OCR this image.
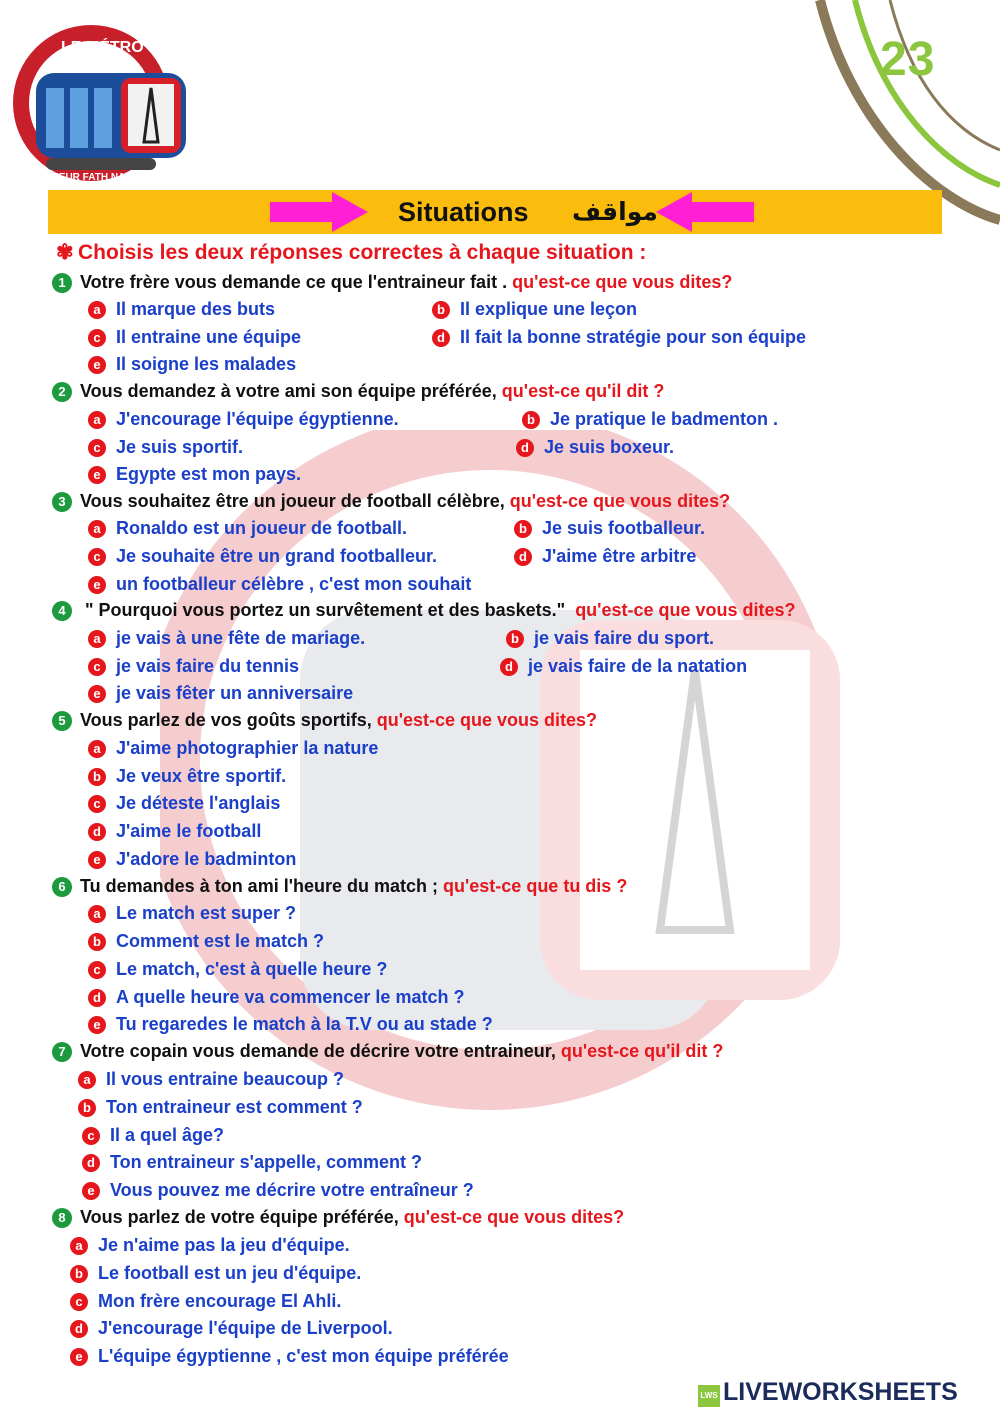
23
LE MÉTRO
MONSIEUR FATH NASR
Situations مواقف
✾ Choisis les deux réponses correctes à chaque situation :
1 Votre frère vous demande ce que l'entraineur fait . qu'est-ce que vous dites?
a Il marque des buts	b Il explique une leçon
c Il entraine une équipe	d Il fait la bonne stratégie pour son équipe
e Il soigne les malades
2 Vous demandez à votre ami son équipe préférée, qu'est-ce qu'il dit ?
a J'encourage l'équipe égyptienne.	b Je pratique le badmenton .
c Je suis sportif.	d Je suis boxeur.
e Egypte est mon pays.
3 Vous souhaitez être un joueur de football célèbre, qu'est-ce que vous dites?
a Ronaldo est un joueur de football.	b Je suis footballeur.
c Je souhaite être un grand footballeur.	d J'aime être arbitre
e un footballeur célèbre , c'est mon souhait
4 " Pourquoi vous portez un survêtement et des baskets."  qu'est-ce que vous dites?
a je vais à une fête de mariage.	b je vais faire du sport.
c je vais faire du tennis	d je vais faire de la natation
e je vais fêter un anniversaire
5 Vous parlez de vos goûts sportifs, qu'est-ce que vous dites?
a J'aime photographier la nature
b Je veux être sportif.
c Je déteste l'anglais
d J'aime le football
e J'adore le badminton
6 Tu demandes à ton ami l'heure du match ; qu'est-ce que tu dis ?
a Le match est super ?
b Comment est le match ?
c Le match, c'est à quelle heure ?
d A quelle heure va commencer le match ?
e Tu regaredes le match à la T.V ou au stade ?
7 Votre copain vous demande de décrire votre entraineur, qu'est-ce qu'il dit ?
a Il vous entraine beaucoup ?
b Ton entraineur est comment ?
c Il a quel âge?
d Ton entraineur s'appelle, comment ?
e Vous pouvez me décrire votre entraîneur ?
8 Vous parlez de votre équipe préférée, qu'est-ce que vous dites?
a Je n'aime pas la jeu d'équipe.
b Le football est un jeu d'équipe.
c Mon frère encourage El Ahli.
d J'encourage l'équipe de Liverpool.
e L'équipe égyptienne , c'est mon équipe préférée
LWS LIVEWORKSHEETS
